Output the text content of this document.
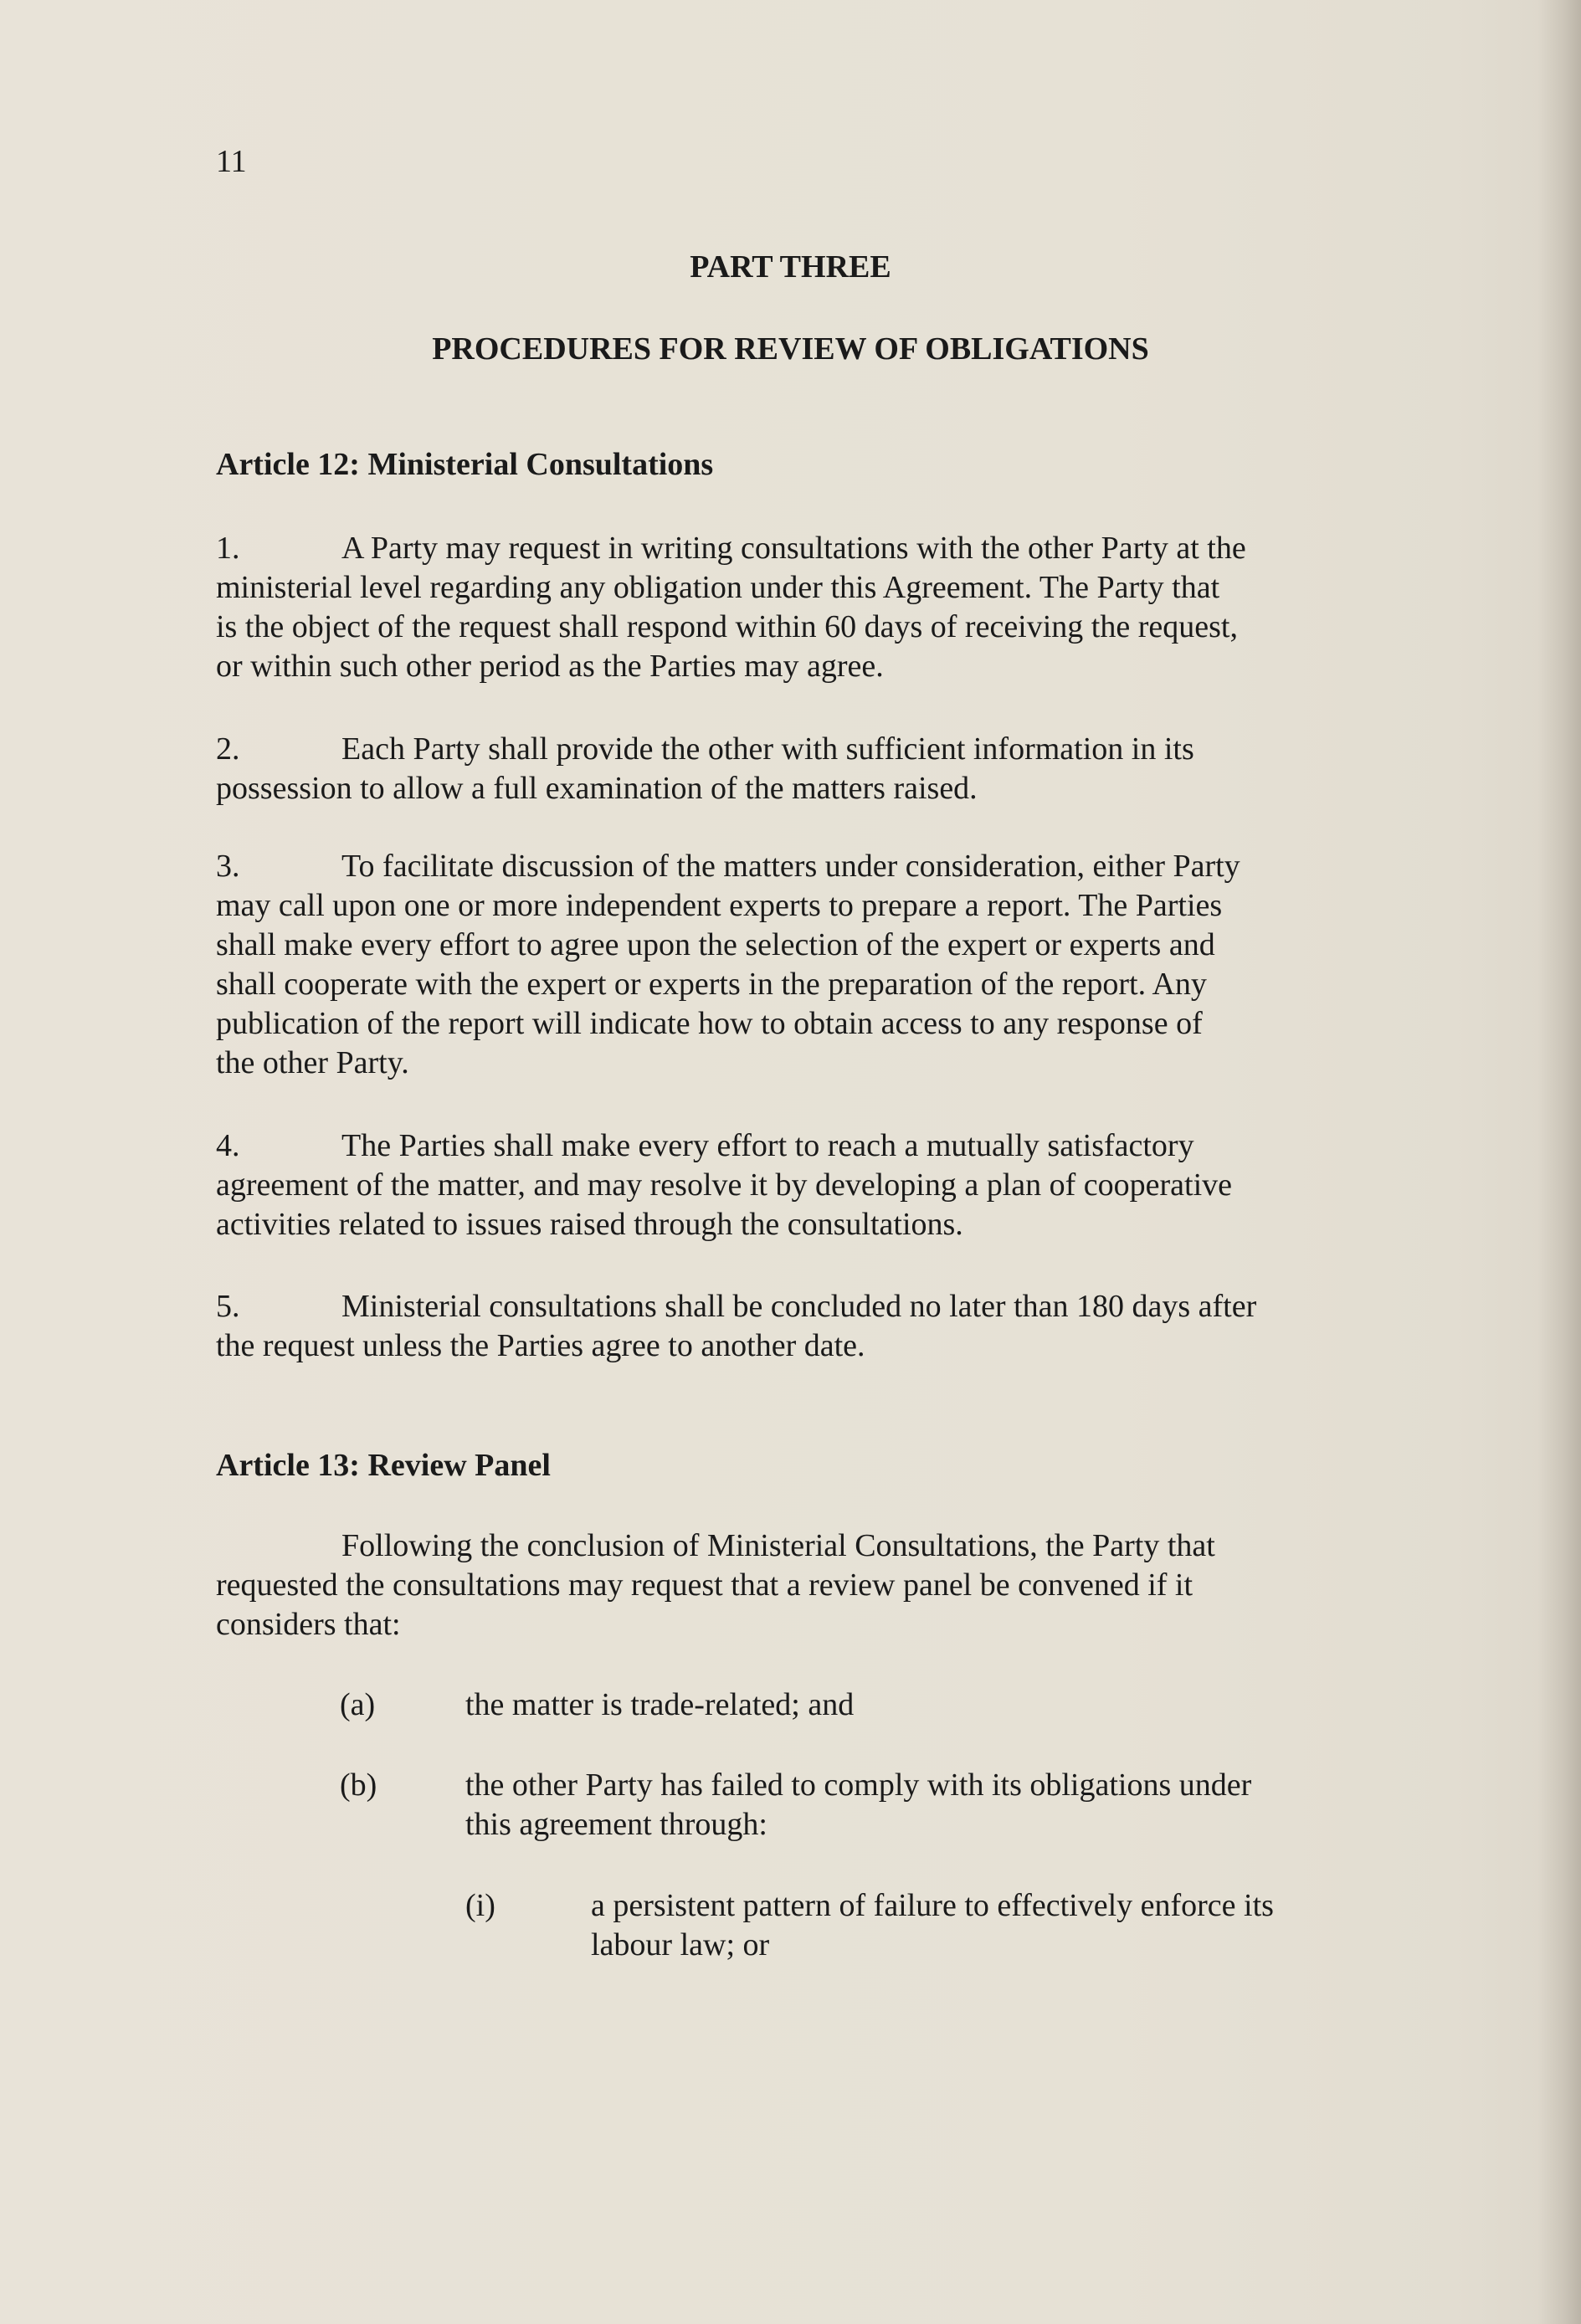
11
PART THREE
PROCEDURES FOR REVIEW OF OBLIGATIONS
Article 12: Ministerial Consultations
1.	A Party may request in writing consultations with the other Party at the
ministerial level regarding any obligation under this Agreement. The Party that
is the object of the request shall respond within 60 days of receiving the request,
or within such other period as the Parties may agree.
2.	Each Party shall provide the other with sufficient information in its
possession to allow a full examination of the matters raised.
3.	To facilitate discussion of the matters under consideration, either Party
may call upon one or more independent experts to prepare a report. The Parties
shall make every effort to agree upon the selection of the expert or experts and
shall cooperate with the expert or experts in the preparation of the report. Any
publication of the report will indicate how to obtain access to any response of
the other Party.
4.	The Parties shall make every effort to reach a mutually satisfactory
agreement of the matter, and may resolve it by developing a plan of cooperative
activities related to issues raised through the consultations.
5.	Ministerial consultations shall be concluded no later than 180 days after
the request unless the Parties agree to another date.
Article 13: Review Panel
Following the conclusion of Ministerial Consultations, the Party that
requested the consultations may request that a review panel be convened if it
considers that:
(a)	the matter is trade-related; and
(b)	the other Party has failed to comply with its obligations under
this agreement through:
(i)	a persistent pattern of failure to effectively enforce its
labour law; or
